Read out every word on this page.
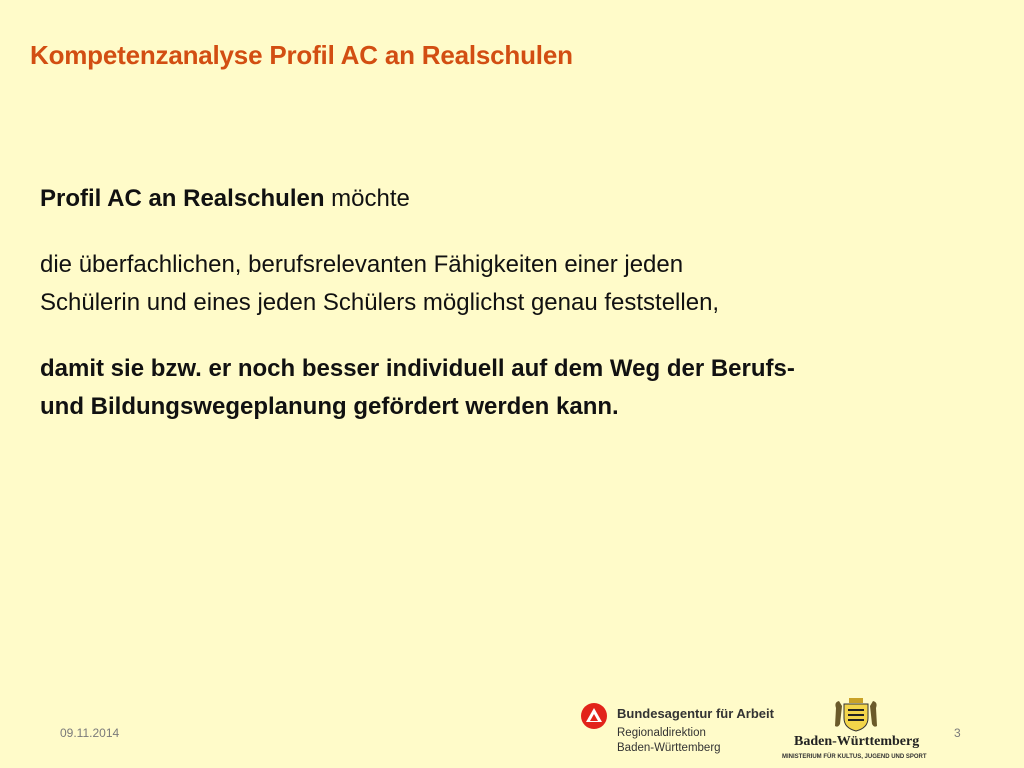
Kompetenzanalyse Profil AC an Realschulen

Profil AC an Realschulen möchte

die überfachlichen, berufsrelevanten Fähigkeiten einer jeden
Schülerin und eines jeden Schülers möglichst genau feststellen,

damit sie bzw. er noch besser individuell auf dem Weg der Berufs-
und Bildungswegeplanung gefördert werden kann.

09.11.2014
Bundesagentur für Arbeit
Regionaldirektion
Baden-Württemberg	Baden-Württemberg
MINISTERIUM FÜR KULTUS, JUGEND UND SPORT
3
